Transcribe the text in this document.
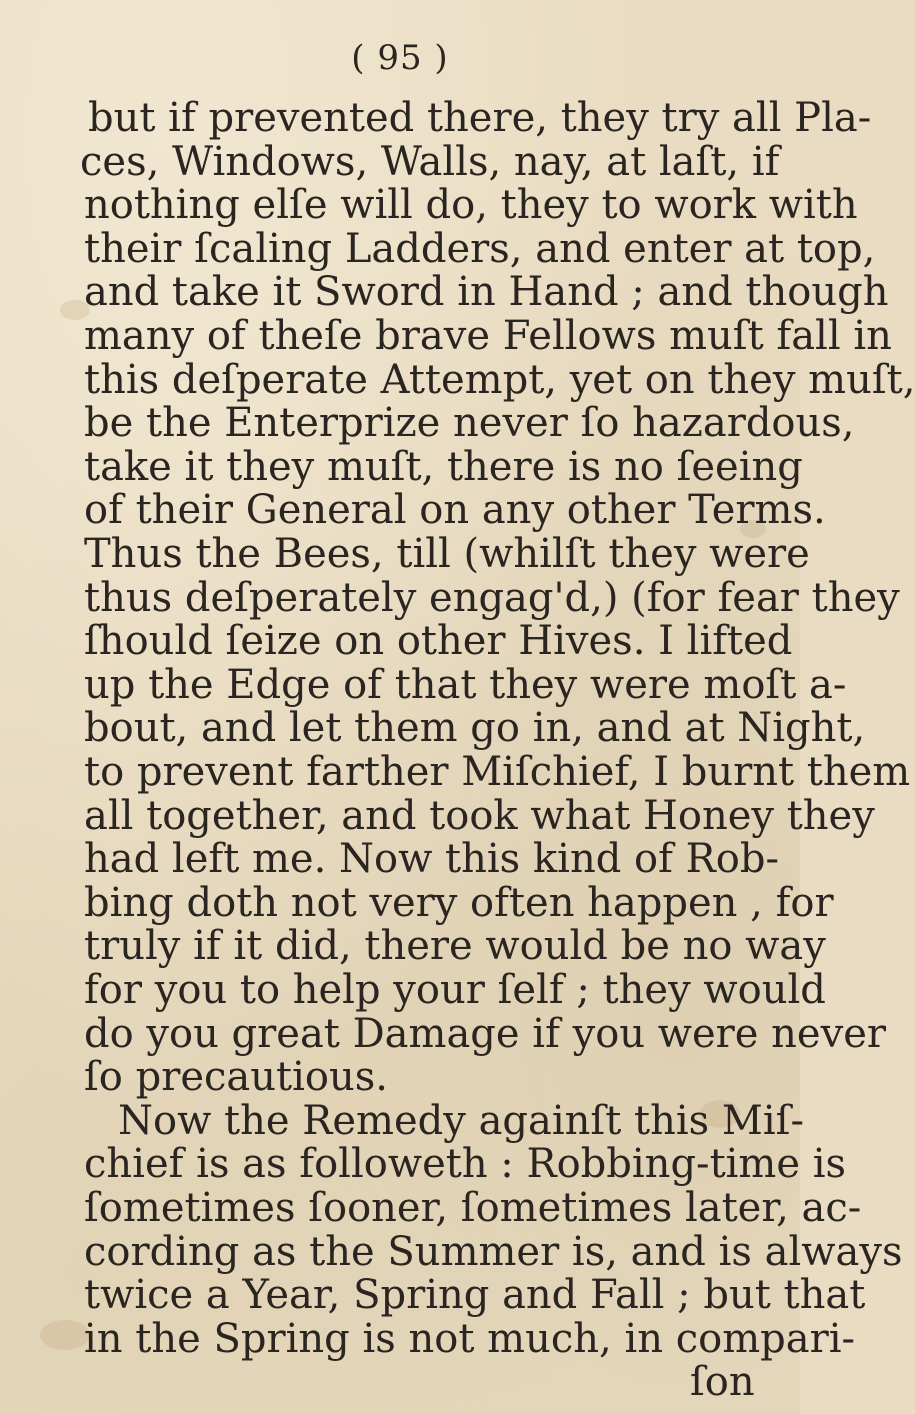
( 95 )
but if prevented there, they try all Pla-
ces, Windows, Walls, nay, at laſt, if
nothing elſe will do, they to work with
their ſcaling Ladders, and enter at top,
and take it Sword in Hand ; and though
many of theſe brave Fellows muſt fall in
this deſperate Attempt, yet on they muſt,
be the Enterprize never ſo hazardous,
take it they muſt, there is no ſeeing
of their General on any other Terms.
Thus the Bees, till (whilſt they were
thus deſperately engag'd,) (for fear they
ſhould ſeize on other Hives. I lifted
up the Edge of that they were moſt a-
bout, and let them go in, and at Night,
to prevent farther Miſchief, I burnt them
all together, and took what Honey they
had left me. Now this kind of Rob-
bing doth not very often happen , for
truly if it did, there would be no way
for you to help your ſelf ; they would
do you great Damage if you were never
ſo precautious.
Now the Remedy againſt this Miſ-
chief is as followeth : Robbing-time is
ſometimes ſooner, ſometimes later, ac-
cording as the Summer is, and is always
twice a Year, Spring and Fall ; but that
in the Spring is not much, in compari-
ſon
